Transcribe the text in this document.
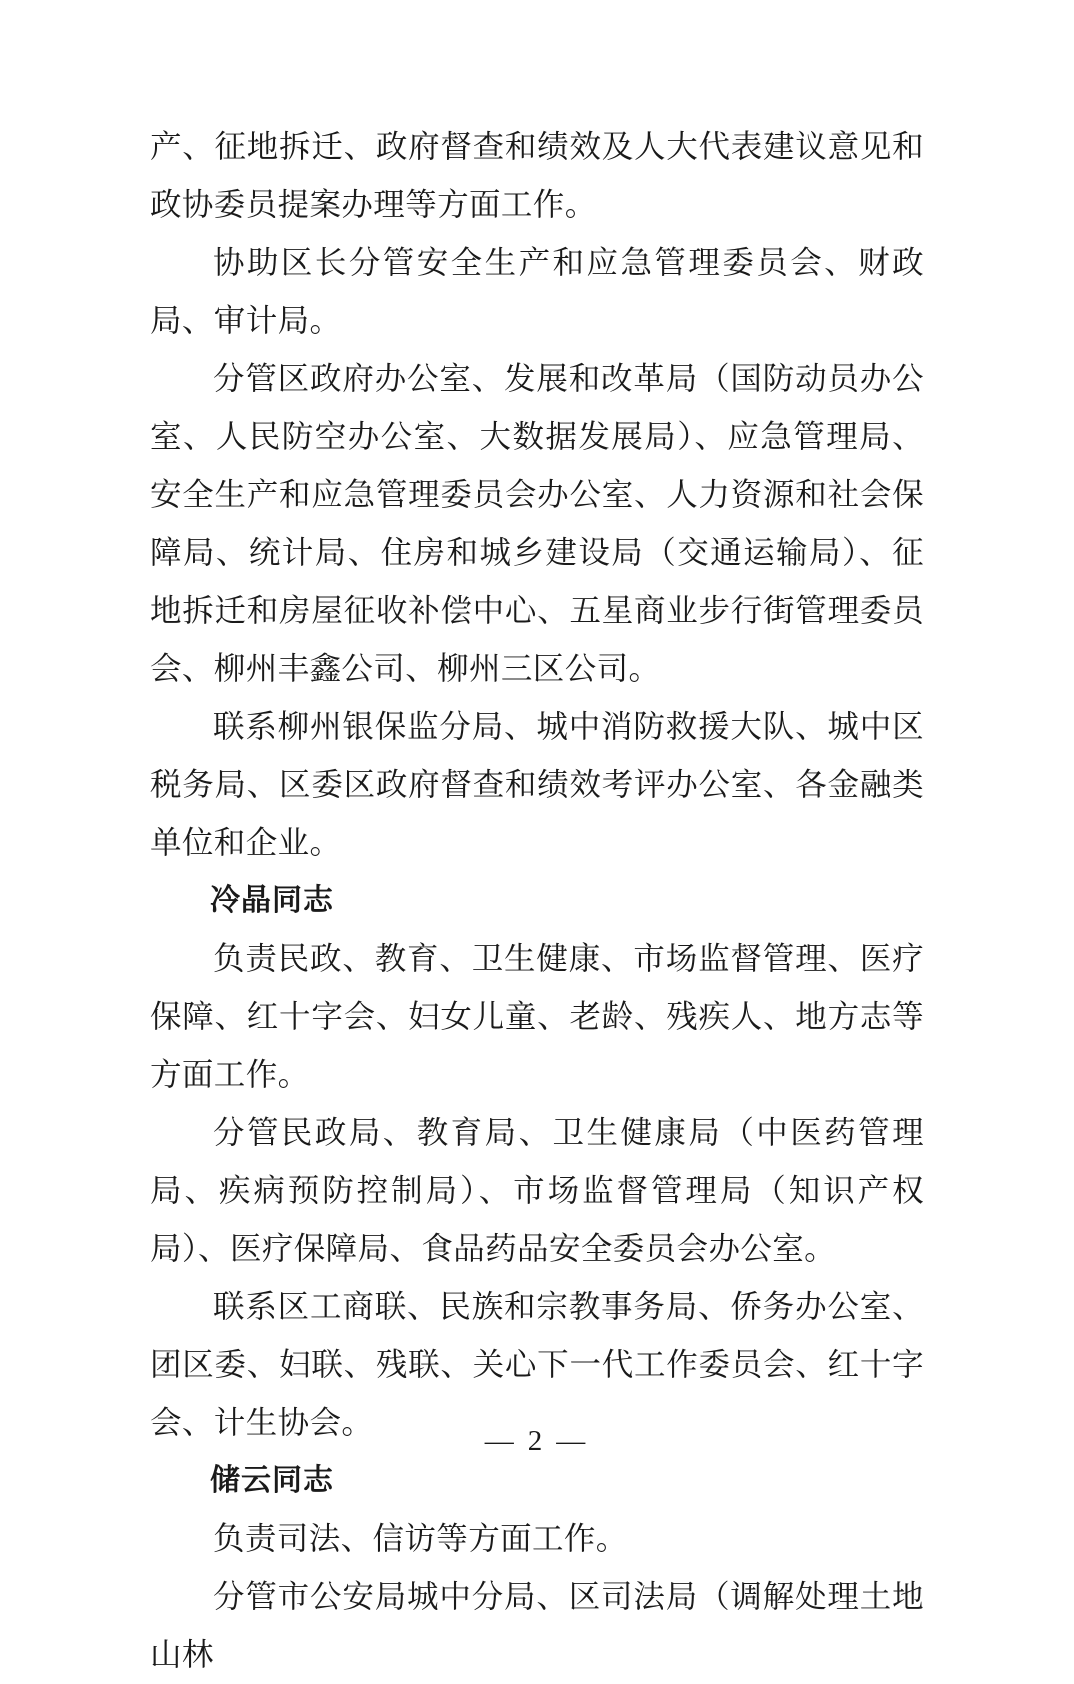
产、征地拆迁、政府督查和绩效及人大代表建议意见和政协委员提案办理等方面工作。

协助区长分管安全生产和应急管理委员会、财政局、审计局。

分管区政府办公室、发展和改革局（国防动员办公室、人民防空办公室、大数据发展局）、应急管理局、安全生产和应急管理委员会办公室、人力资源和社会保障局、统计局、住房和城乡建设局（交通运输局）、征地拆迁和房屋征收补偿中心、五星商业步行街管理委员会、柳州丰鑫公司、柳州三区公司。

联系柳州银保监分局、城中消防救援大队、城中区税务局、区委区政府督查和绩效考评办公室、各金融类单位和企业。

冷晶同志

负责民政、教育、卫生健康、市场监督管理、医疗保障、红十字会、妇女儿童、老龄、残疾人、地方志等方面工作。

分管民政局、教育局、卫生健康局（中医药管理局、疾病预防控制局）、市场监督管理局（知识产权局）、医疗保障局、食品药品安全委员会办公室。

联系区工商联、民族和宗教事务局、侨务办公室、团区委、妇联、残联、关心下一代工作委员会、红十字会、计生协会。

储云同志

负责司法、信访等方面工作。

分管市公安局城中分局、区司法局（调解处理土地山林

— 2 —
